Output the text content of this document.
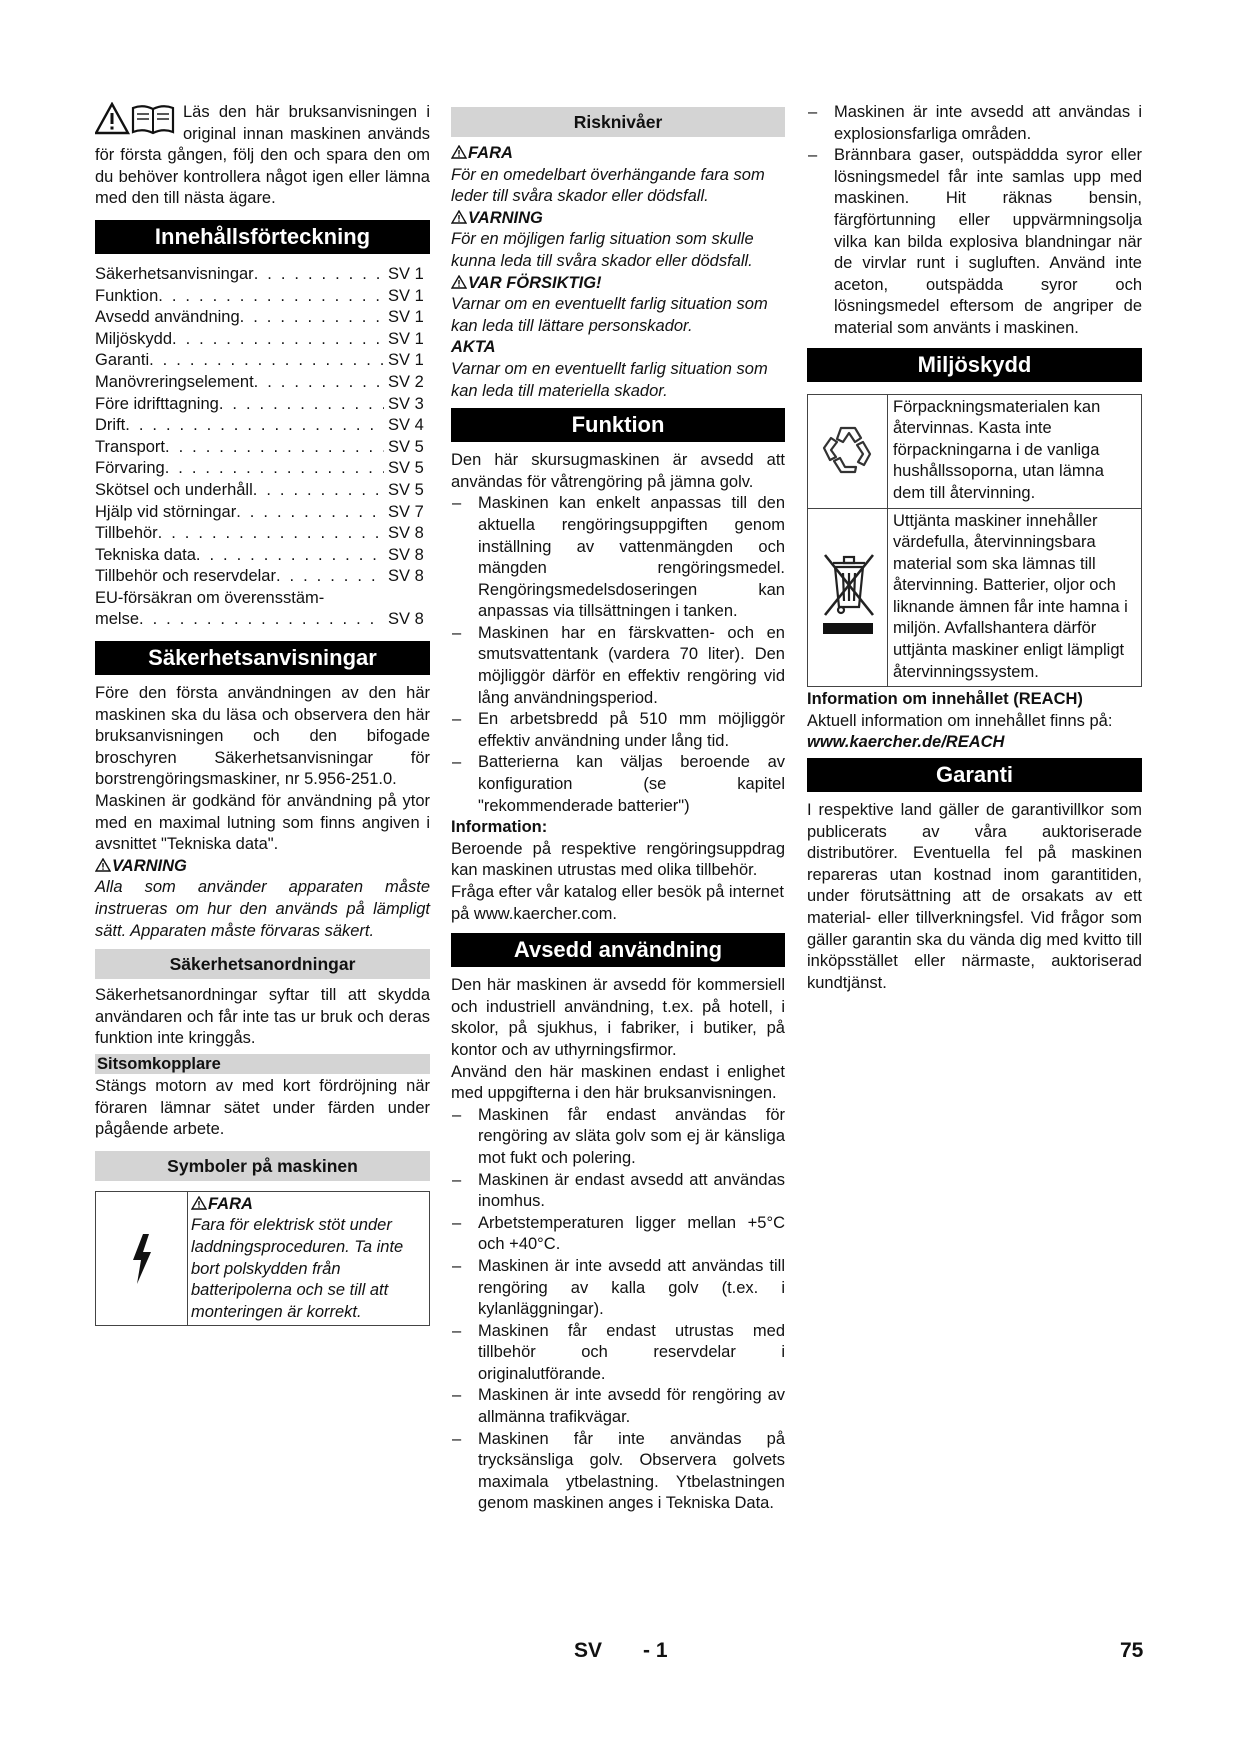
Läs den här bruksanvisningen i original innan maskinen används för första gången, följ den och spara den om du behöver kontrollera något igen eller lämna med den till nästa ägare.
Innehållsförteckning
Säkerhetsanvisningar . . .	SV 1
Funktion . . .	SV 1
Avsedd användning . . .	SV 1
Miljöskydd . . .	SV 1
Garanti . . .	SV 1
Manövreringselement . . .	SV 2
Före idrifttagning . . .	SV 3
Drift . . .	SV 4
Transport . . .	SV 5
Förvaring . . .	SV 5
Skötsel och underhåll . . .	SV 5
Hjälp vid störningar . . .	SV 7
Tillbehör . . .	SV 8
Tekniska data . . .	SV 8
Tillbehör och reservdelar . . .	SV 8
EU-försäkran om överensstäm-
melse . . .	SV 8
Säkerhetsanvisningar

Före den första användningen av den här maskinen ska du läsa och observera den här bruksanvisningen och den bifogade broschyren Säkerhetsanvisningar för borstrengöringsmaskiner, nr 5.956-251.0.

Maskinen är godkänd för användning på ytor med en maximal lutning som finns angiven i avsnittet "Tekniska data".

VARNING

Alla som använder apparaten måste instrueras om hur den används på lämpligt sätt. Apparaten måste förvaras säkert.

Säkerhetsanordningar

Säkerhetsanordningar syftar till att skydda användaren och får inte tas ur bruk och deras funktion inte kringgås.

Sitsomkopplare

Stängs motorn av med kort fördröjning när föraren lämnar sätet under färden under pågående arbete.

Symboler på maskinen
FARA
Fara för elektrisk stöt under laddningsproceduren. Ta inte bort polskydden från batteripolerna och se till att monteringen är korrekt.
Risknivåer
FARA
För en omedelbart överhängande fara som leder till svåra skador eller dödsfall.
VARNING
För en möjligen farlig situation som skulle kunna leda till svåra skador eller dödsfall.
VAR FÖRSIKTIG!
Varnar om en eventuellt farlig situation som kan leda till lättare personskador.
AKTA
Varnar om en eventuellt farlig situation som kan leda till materiella skador.
Funktion

Den här skursugmaskinen är avsedd att användas för våtrengöring på jämna golv.

– Maskinen kan enkelt anpassas till den aktuella rengöringsuppgiften genom inställning av vattenmängden och mängden rengöringsmedel. Rengöringsmedelsdoseringen kan anpassas via tillsättningen i tanken.
– Maskinen har en färskvatten- och en smutsvattentank (vardera 70 liter). Den möjliggör därför en effektiv rengöring vid lång användningsperiod.
– En arbetsbredd på 510 mm möjliggör effektiv användning under lång tid.
– Batterierna kan väljas beroende av konfiguration (se kapitel "rekommenderade batterier")
Information:

Beroende på respektive rengöringsuppdrag kan maskinen utrustas med olika tillbehör.

Fråga efter vår katalog eller besök på internet på www.kaercher.com.

Avsedd användning

Den här maskinen är avsedd för kommersiell och industriell användning, t.ex. på hotell, i skolor, på sjukhus, i fabriker, i butiker, på kontor och av uthyrningsfirmor.

Använd den här maskinen endast i enlighet med uppgifterna i den här bruksanvisningen.

– Maskinen får endast användas för rengöring av släta golv som ej är känsliga mot fukt och polering.
– Maskinen är endast avsedd att användas inomhus.
– Arbetstemperaturen ligger mellan +5°C och +40°C.
– Maskinen är inte avsedd att användas till rengöring av kalla golv (t.ex. i kylanläggningar).
– Maskinen får endast utrustas med tillbehör och reservdelar i originalutförande.
– Maskinen är inte avsedd för rengöring av allmänna trafikvägar.
– Maskinen får inte användas på trycksänsliga golv. Observera golvets maximala ytbelastning. Ytbelastningen genom maskinen anges i Tekniska Data.
– Maskinen är inte avsedd att användas i explosionsfarliga områden.
– Brännbara gaser, outspäddda syror eller lösningsmedel får inte samlas upp med maskinen. Hit räknas bensin, färgförtunning eller uppvärmningsolja vilka kan bilda explosiva blandningar när de virvlar runt i sugluften. Använd inte aceton, outspädda syror och lösningsmedel eftersom de angriper de material som använts i maskinen.
Miljöskydd
Förpackningsmaterialen kan återvinnas. Kasta inte förpackningarna i de vanliga hushållssoporna, utan lämna dem till återvinning.
Uttjänta maskiner innehåller värdefulla, återvinningsbara material som ska lämnas till återvinning. Batterier, oljor och liknande ämnen får inte hamna i miljön. Avfallshantera därför uttjänta maskiner enligt lämpligt återvinningssystem.
Information om innehållet (REACH)

Aktuell information om innehållet finns på:

www.kaercher.de/REACH
Garanti

I respektive land gäller de garantivillkor som publicerats av våra auktoriserade distributörer. Eventuella fel på maskinen repareras utan kostnad inom garantitiden, under förutsättning att de orsakats av ett material- eller tillverkningsfel. Vid frågor som gäller garantin ska du vända dig med kvitto till inköpsstället eller närmaste, auktoriserad kundtjänst.

SV - 1	75
